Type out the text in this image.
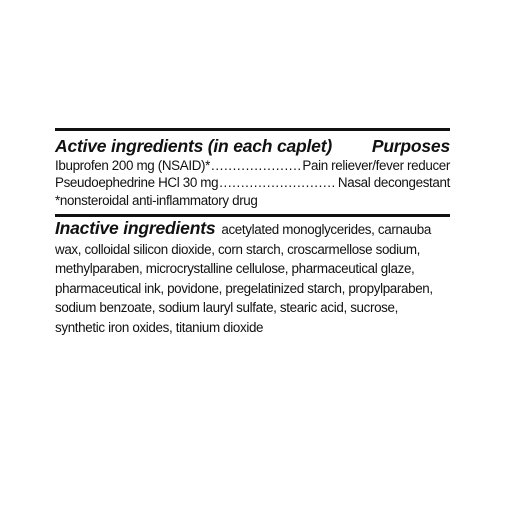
Active ingredients (in each caplet) Purposes
Ibuprofen 200 mg (NSAID)* .....	Pain reliever/fever reducer
Pseudoephedrine HCl 30 mg .....	Nasal decongestant
*nonsteroidal anti-inflammatory drug
Inactive ingredients acetylated monoglycerides, carnauba wax, colloidal silicon dioxide, corn starch, croscarmellose sodium, methylparaben, microcrystalline cellulose, pharmaceutical glaze, pharmaceutical ink, povidone, pregelatinized starch, propylparaben, sodium benzoate, sodium lauryl sulfate, stearic acid, sucrose, synthetic iron oxides, titanium dioxide
